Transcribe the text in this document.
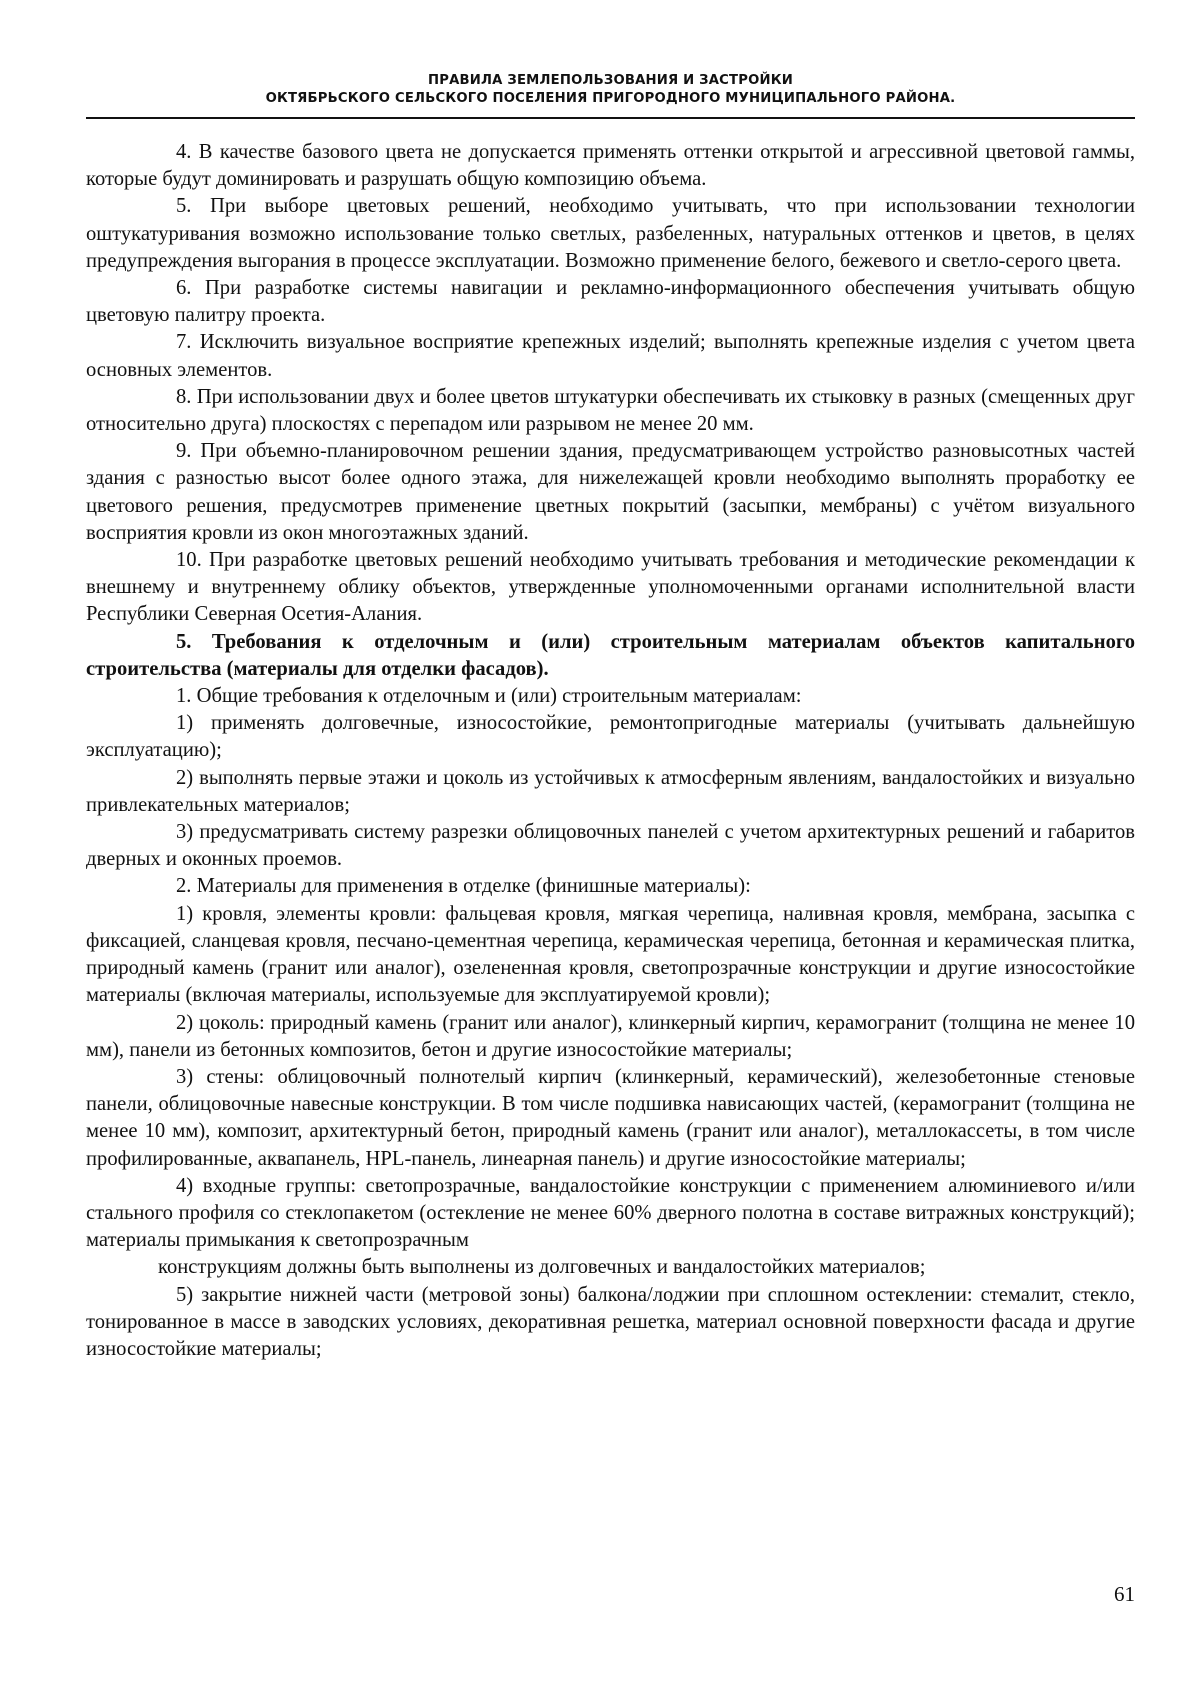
ПРАВИЛА ЗЕМЛЕПОЛЬЗОВАНИЯ И ЗАСТРОЙКИ
ОКТЯБРЬСКОГО СЕЛЬСКОГО ПОСЕЛЕНИЯ ПРИГОРОДНОГО МУНИЦИПАЛЬНОГО РАЙОНА.

4. В качестве базового цвета не допускается применять оттенки открытой и агрессивной цветовой гаммы, которые будут доминировать и разрушать общую композицию объема.

5. При выборе цветовых решений, необходимо учитывать, что при использовании технологии оштукатуривания возможно использование только светлых, разбеленных, натуральных оттенков и цветов, в целях предупреждения выгорания в процессе эксплуатации. Возможно применение белого, бежевого и светло-серого цвета.

6. При разработке системы навигации и рекламно-информационного обеспечения учитывать общую цветовую палитру проекта.

7. Исключить визуальное восприятие крепежных изделий; выполнять крепежные изделия с учетом цвета основных элементов.

8. При использовании двух и более цветов штукатурки обеспечивать их стыковку в разных (смещенных друг относительно друга) плоскостях с перепадом или разрывом не менее 20 мм.

9. При объемно-планировочном решении здания, предусматривающем устройство разновысотных частей здания с разностью высот более одного этажа, для нижележащей кровли необходимо выполнять проработку ее цветового решения, предусмотрев применение цветных покрытий (засыпки, мембраны) с учётом визуального восприятия кровли из окон многоэтажных зданий.

10. При разработке цветовых решений необходимо учитывать требования и методические рекомендации к внешнему и внутреннему облику объектов, утвержденные уполномоченными органами исполнительной власти Республики Северная Осетия-Алания.

5. Требования к отделочным и (или) строительным материалам объектов капитального строительства (материалы для отделки фасадов).

1. Общие требования к отделочным и (или) строительным материалам:

1) применять долговечные, износостойкие, ремонтопригодные материалы (учитывать дальнейшую эксплуатацию);

2) выполнять первые этажи и цоколь из устойчивых к атмосферным явлениям, вандалостойких и визуально привлекательных материалов;

3) предусматривать систему разрезки облицовочных панелей с учетом архитектурных решений и габаритов дверных и оконных проемов.

2. Материалы для применения в отделке (финишные материалы):

1) кровля, элементы кровли: фальцевая кровля, мягкая черепица, наливная кровля, мембрана, засыпка с фиксацией, сланцевая кровля, песчано-цементная черепица, керамическая черепица, бетонная и керамическая плитка, природный камень (гранит или аналог), озелененная кровля, светопрозрачные конструкции и другие износостойкие материалы (включая материалы, используемые для эксплуатируемой кровли);

2) цоколь: природный камень (гранит или аналог), клинкерный кирпич, керамогранит (толщина не менее 10 мм), панели из бетонных композитов, бетон и другие износостойкие материалы;

3) стены: облицовочный полнотелый кирпич (клинкерный, керамический), железобетонные стеновые панели, облицовочные навесные конструкции. В том числе подшивка нависающих частей, (керамогранит (толщина не менее 10 мм), композит, архитектурный бетон, природный камень (гранит или аналог), металлокассеты, в том числе профилированные, аквапанель, HPL-панель, линеарная панель) и другие износостойкие материалы;

4) входные группы: светопрозрачные, вандалостойкие конструкции с применением алюминиевого и/или стального профиля со стеклопакетом (остекление не менее 60% дверного полотна в составе витражных конструкций); материалы примыкания к светопрозрачным

конструкциям должны быть выполнены из долговечных и вандалостойких материалов;

5) закрытие нижней части (метровой зоны) балкона/лоджии при сплошном остеклении: стемалит, стекло, тонированное в массе в заводских условиях, декоративная решетка, материал основной поверхности фасада и другие износостойкие материалы;

61
